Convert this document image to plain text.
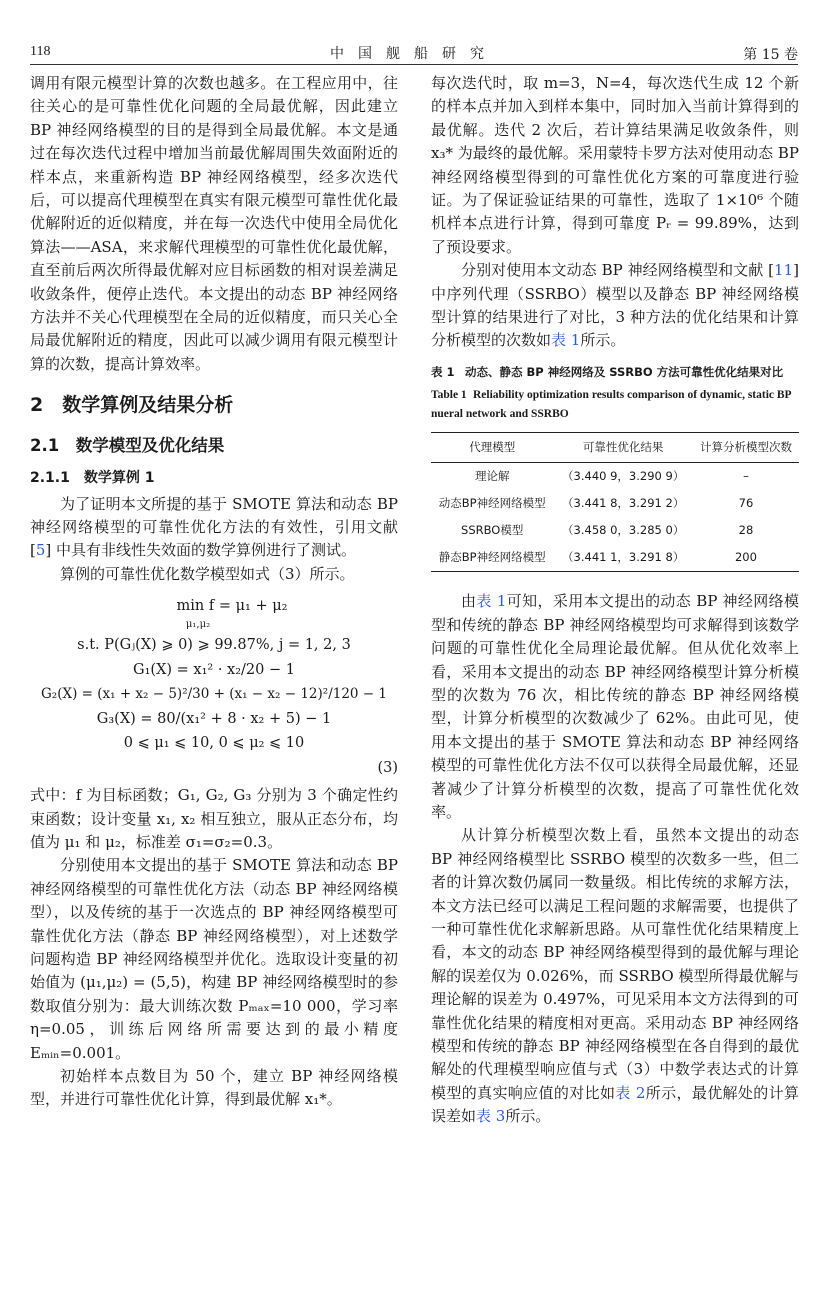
118	中国舰船研究	第 15 卷

调用有限元模型计算的次数也越多。在工程应用中，往往关心的是可靠性优化问题的全局最优解，因此建立 BP 神经网络模型的目的是得到全局最优解。本文是通过在每次迭代过程中增加当前最优解周围失效面附近的样本点，来重新构造 BP 神经网络模型，经多次迭代后，可以提高代理模型在真实有限元模型可靠性优化最优解附近的近似精度，并在每一次迭代中使用全局优化算法——ASA，来求解代理模型的可靠性优化最优解，直至前后两次所得最优解对应目标函数的相对误差满足收敛条件，便停止迭代。本文提出的动态 BP 神经网络方法并不关心代理模型在全局的近似精度，而只关心全局最优解附近的精度，因此可以减少调用有限元模型计算的次数，提高计算效率。

2　数学算例及结果分析
2.1　数学模型及优化结果
2.1.1　数学算例 1

为了证明本文所提的基于 SMOTE 算法和动态 BP 神经网络模型的可靠性优化方法的有效性，引用文献 [5] 中具有非线性失效面的数学算例进行了测试。

算例的可靠性优化数学模型如式（3）所示。

min f = μ₁ + μ₂
$^{\mu_1,\mu_2}$
s.t. P(Gⱼ(X) ⩾ 0) ⩾ 99.87%, j = 1, 2, 3
G₁(X) = x₁² · x₂/20 − 1
G₂(X) = (x₁ + x₂ − 5)²/30 + (x₁ − x₂ − 12)²/120 − 1
G₃(X) = 80/(x₁² + 8 · x₂ + 5) − 1
0 ⩽ μ₁ ⩽ 10, 0 ⩽ μ₂ ⩽ 10
(3)

式中：f 为目标函数；G₁, G₂, G₃ 分别为 3 个确定性约束函数；设计变量 x₁, x₂ 相互独立，服从正态分布，均值为 μ₁ 和 μ₂，标准差 σ₁=σ₂=0.3。

分别使用本文提出的基于 SMOTE 算法和动态 BP 神经网络模型的可靠性优化方法（动态 BP 神经网络模型），以及传统的基于一次选点的 BP 神经网络模型可靠性优化方法（静态 BP 神经网络模型），对上述数学问题构造 BP 神经网络模型并优化。选取设计变量的初始值为 (μ₁,μ₂) = (5,5)，构建 BP 神经网络模型时的参数取值分别为：最大训练次数 Pₘₐₓ=10 000，学习率 η=0.05，训练后网络所需要达到的最小精度 Eₘᵢₙ=0.001。

初始样本点数目为 50 个，建立 BP 神经网络模型，并进行可靠性优化计算，得到最优解 x₁*。

每次迭代时，取 m=3，N=4，每次迭代生成 12 个新的样本点并加入到样本集中，同时加入当前计算得到的最优解。迭代 2 次后，若计算结果满足收敛条件，则 x₃* 为最终的最优解。采用蒙特卡罗方法对使用动态 BP 神经网络模型得到的可靠性优化方案的可靠度进行验证。为了保证验证结果的可靠性，选取了 1×10⁶ 个随机样本点进行计算，得到可靠度 Pᵣ = 99.89%，达到了预设要求。

分别对使用本文动态 BP 神经网络模型和文献 [11] 中序列代理（SSRBO）模型以及静态 BP 神经网络模型计算的结果进行了对比，3 种方法的优化结果和计算分析模型的次数如表 1所示。

表 1 动态、静态 BP 神经网络及 SSRBO 方法可靠性优化结果对比
Table 1 Reliability optimization results comparison of dynamic, static BP nueral network and SSRBO
代理模型	可靠性优化结果	计算分析模型次数
理论解	（3.440 9，3.290 9）	–
动态BP神经网络模型	（3.441 8，3.291 2）	76
SSRBO模型	（3.458 0，3.285 0）	28
静态BP神经网络模型	（3.441 1，3.291 8）	200

由表 1可知，采用本文提出的动态 BP 神经网络模型和传统的静态 BP 神经网络模型均可求解得到该数学问题的可靠性优化全局理论最优解。但从优化效率上看，采用本文提出的动态 BP 神经网络模型计算分析模型的次数为 76 次，相比传统的静态 BP 神经网络模型，计算分析模型的次数减少了 62%。由此可见，使用本文提出的基于 SMOTE 算法和动态 BP 神经网络模型的可靠性优化方法不仅可以获得全局最优解，还显著减少了计算分析模型的次数，提高了可靠性优化效率。

从计算分析模型次数上看，虽然本文提出的动态 BP 神经网络模型比 SSRBO 模型的次数多一些，但二者的计算次数仍属同一数量级。相比传统的求解方法，本文方法已经可以满足工程问题的求解需要，也提供了一种可靠性优化求解新思路。从可靠性优化结果精度上看，本文的动态 BP 神经网络模型得到的最优解与理论解的误差仅为 0.026%，而 SSRBO 模型所得最优解与理论解的误差为 0.497%，可见采用本文方法得到的可靠性优化结果的精度相对更高。采用动态 BP 神经网络模型和传统的静态 BP 神经网络模型在各自得到的最优解处的代理模型响应值与式（3）中数学表达式的计算模型的真实响应值的对比如表 2所示，最优解处的计算误差如表 3所示。
